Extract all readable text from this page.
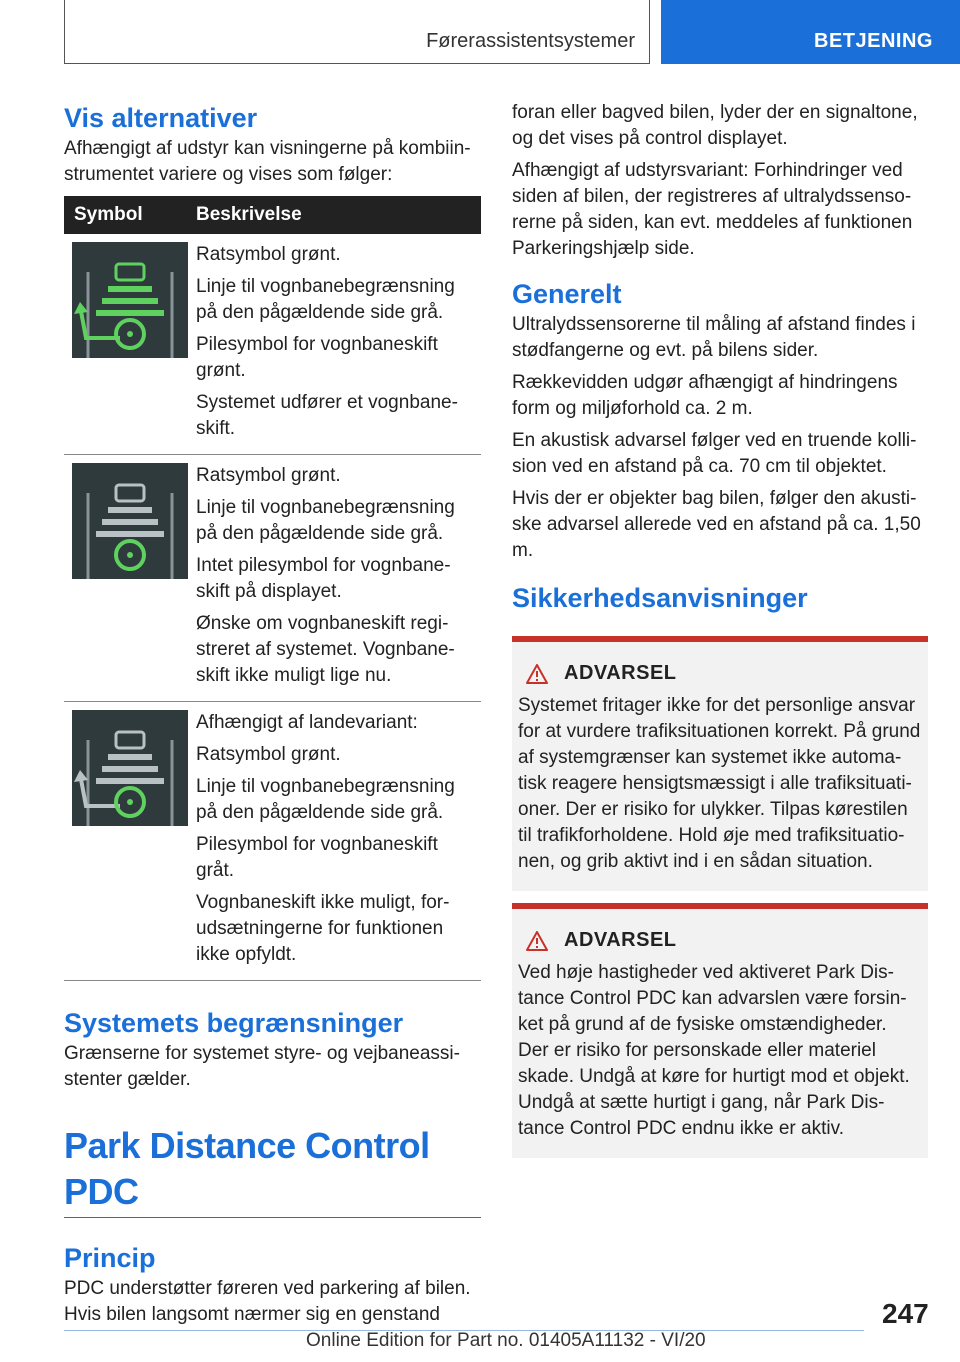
Førerassistentsystemer	BETJENING
Vis alternativer

Afhængigt af udstyr kan visningerne på kombiin-strumentet variere og vises som følger:

Symbol	Beskrivelse

Ratsymbol grønt.

Linje til vognbanebegrænsning på den pågældende side grå.

Pilesymbol for vognbaneskift grønt.

Systemet udfører et vognbane-skift.

Ratsymbol grønt.

Linje til vognbanebegrænsning på den pågældende side grå.

Intet pilesymbol for vognbane-skift på displayet.

Ønske om vognbaneskift regi-streret af systemet. Vognbane-skift ikke muligt lige nu.

Afhængigt af landevariant:

Ratsymbol grønt.

Linje til vognbanebegrænsning på den pågældende side grå.

Pilesymbol for vognbaneskift gråt.

Vognbaneskift ikke muligt, for-udsætningerne for funktionen ikke opfyldt.

Systemets begrænsninger

Grænserne for systemet styre- og vejbaneassi-stenter gælder.

Park Distance Control PDC
Princip

PDC understøtter føreren ved parkering af bilen. Hvis bilen langsomt nærmer sig en genstand

foran eller bagved bilen, lyder der en signaltone, og det vises på control displayet.

Afhængigt af udstyrsvariant: Forhindringer ved siden af bilen, der registreres af ultralydssenso-rerne på siden, kan evt. meddeles af funktionen Parkeringshjælp side.

Generelt

Ultralydssensorerne til måling af afstand findes i stødfangerne og evt. på bilens sider.

Rækkevidden udgør afhængigt af hindringens form og miljøforhold ca. 2 m.

En akustisk advarsel følger ved en truende kolli-sion ved en afstand på ca. 70 cm til objektet.

Hvis der er objekter bag bilen, følger den akusti-ske advarsel allerede ved en afstand på ca. 1,50 m.

Sikkerhedsanvisninger
ADVARSEL

Systemet fritager ikke for det personlige ansvar for at vurdere trafiksituationen korrekt. På grund af systemgrænser kan systemet ikke automa-tisk reagere hensigtsmæssigt i alle trafiksituati-oner. Der er risiko for ulykker. Tilpas kørestilen til trafikforholdene. Hold øje med trafiksituatio-nen, og grib aktivt ind i en sådan situation.

ADVARSEL

Ved høje hastigheder ved aktiveret Park Dis-tance Control PDC kan advarslen være forsin-ket på grund af de fysiske omstændigheder. Der er risiko for personskade eller materiel skade. Undgå at køre for hurtigt mod et objekt. Undgå at sætte hurtigt i gang, når Park Dis-tance Control PDC endnu ikke er aktiv.

247
Online Edition for Part no. 01405A11132 - VI/20
